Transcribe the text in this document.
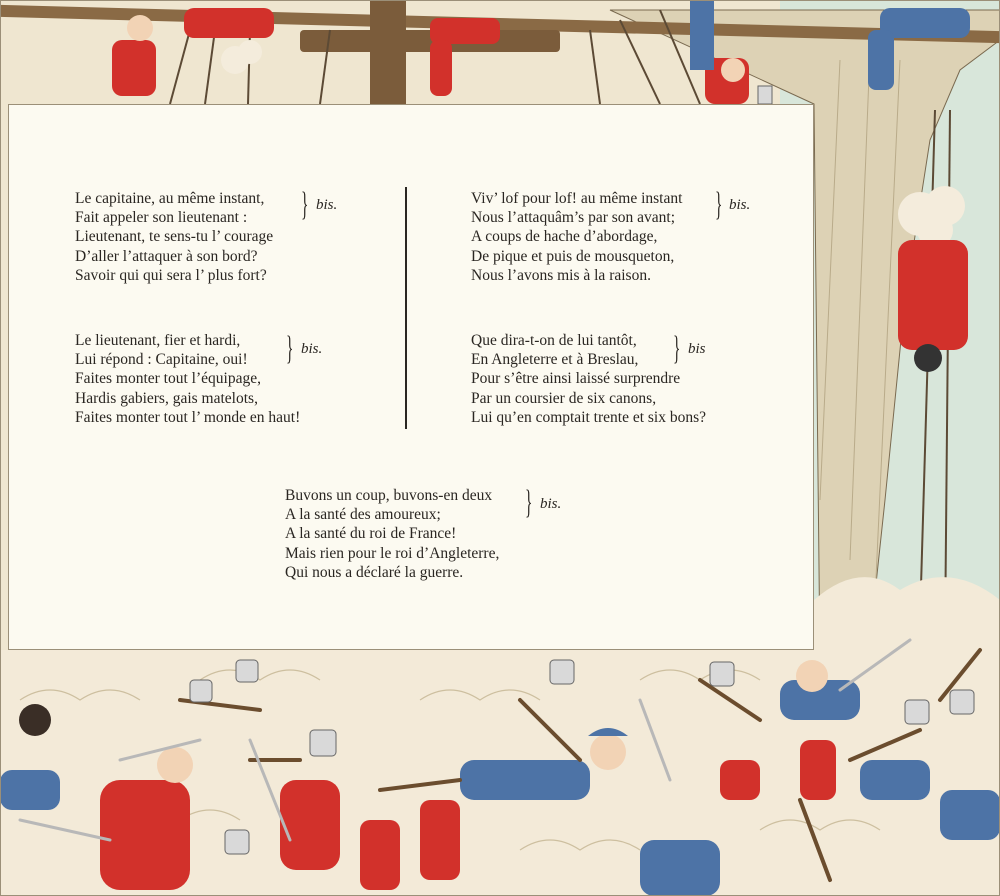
Le capitaine, au même instant,
Fait appeler son lieutenant :
Lieutenant, te sens-tu l’ courage
D’aller l’attaquer à son bord?
Savoir qui qui sera l’ plus fort?
} bis.
Le lieutenant, fier et hardi,
Lui répond : Capitaine, oui!
Faites monter tout l’équipage,
Hardis gabiers, gais matelots,
Faites monter tout l’ monde en haut!
} bis.
Viv’ lof pour lof! au même instant
Nous l’attaquâm’s par son avant;
A coups de hache d’abordage,
De pique et puis de mousqueton,
Nous l’avons mis à la raison.
} bis.
Que dira-t-on de lui tantôt,
En Angleterre et à Breslau,
Pour s’être ainsi laissé surprendre
Par un coursier de six canons,
Lui qu’en comptait trente et six bons?
} bis
Buvons un coup, buvons-en deux
A la santé des amoureux;
A la santé du roi de France!
Mais rien pour le roi d’Angleterre,
Qui nous a déclaré la guerre.
} bis.
